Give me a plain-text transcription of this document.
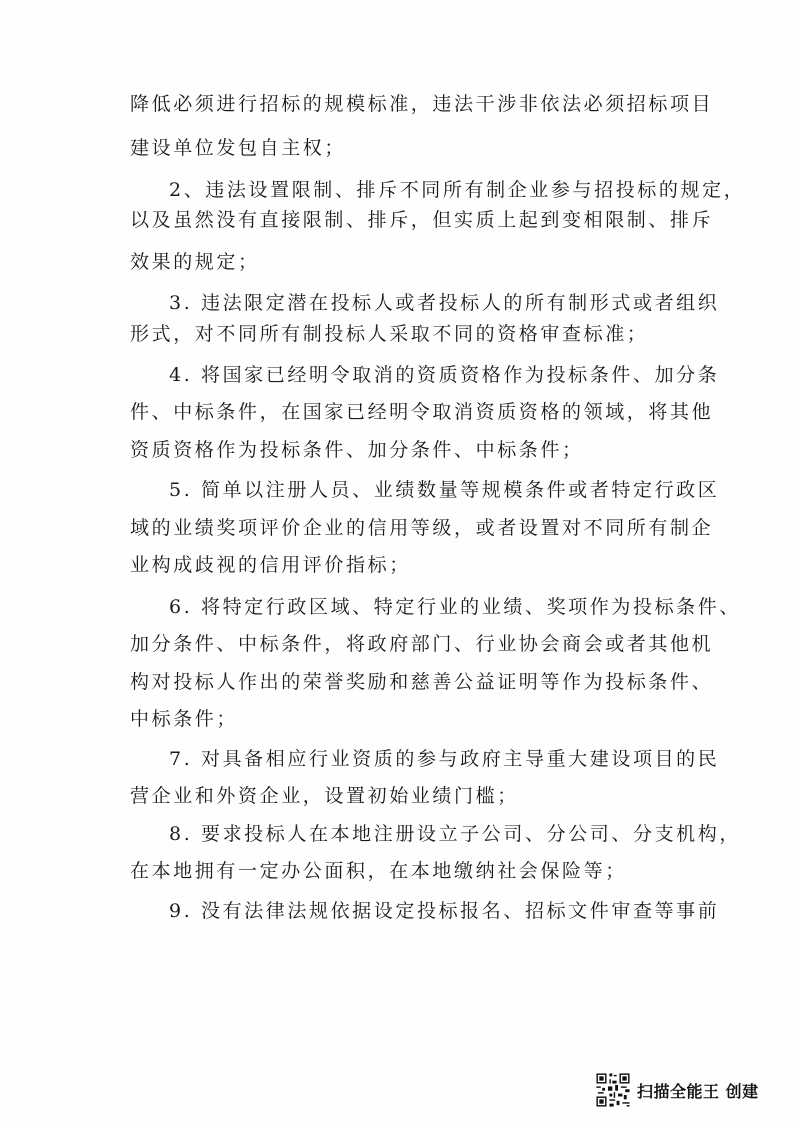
降低必须进行招标的规模标准，违法干涉非依法必须招标项目
建设单位发包自主权；
2、违法设置限制、排斥不同所有制企业参与招投标的规定，
以及虽然没有直接限制、排斥，但实质上起到变相限制、排斥
效果的规定；
3. 违法限定潜在投标人或者投标人的所有制形式或者组织
形式，对不同所有制投标人采取不同的资格审查标准；
4. 将国家已经明令取消的资质资格作为投标条件、加分条
件、中标条件，在国家已经明令取消资质资格的领域，将其他
资质资格作为投标条件、加分条件、中标条件；
5. 简单以注册人员、业绩数量等规模条件或者特定行政区
域的业绩奖项评价企业的信用等级，或者设置对不同所有制企
业构成歧视的信用评价指标；
6. 将特定行政区域、特定行业的业绩、奖项作为投标条件、
加分条件、中标条件，将政府部门、行业协会商会或者其他机
构对投标人作出的荣誉奖励和慈善公益证明等作为投标条件、
中标条件；
7. 对具备相应行业资质的参与政府主导重大建设项目的民
营企业和外资企业，设置初始业绩门槛；
8. 要求投标人在本地注册设立子公司、分公司、分支机构，
在本地拥有一定办公面积，在本地缴纳社会保险等；
9. 没有法律法规依据设定投标报名、招标文件审查等事前
扫描全能王 创建
